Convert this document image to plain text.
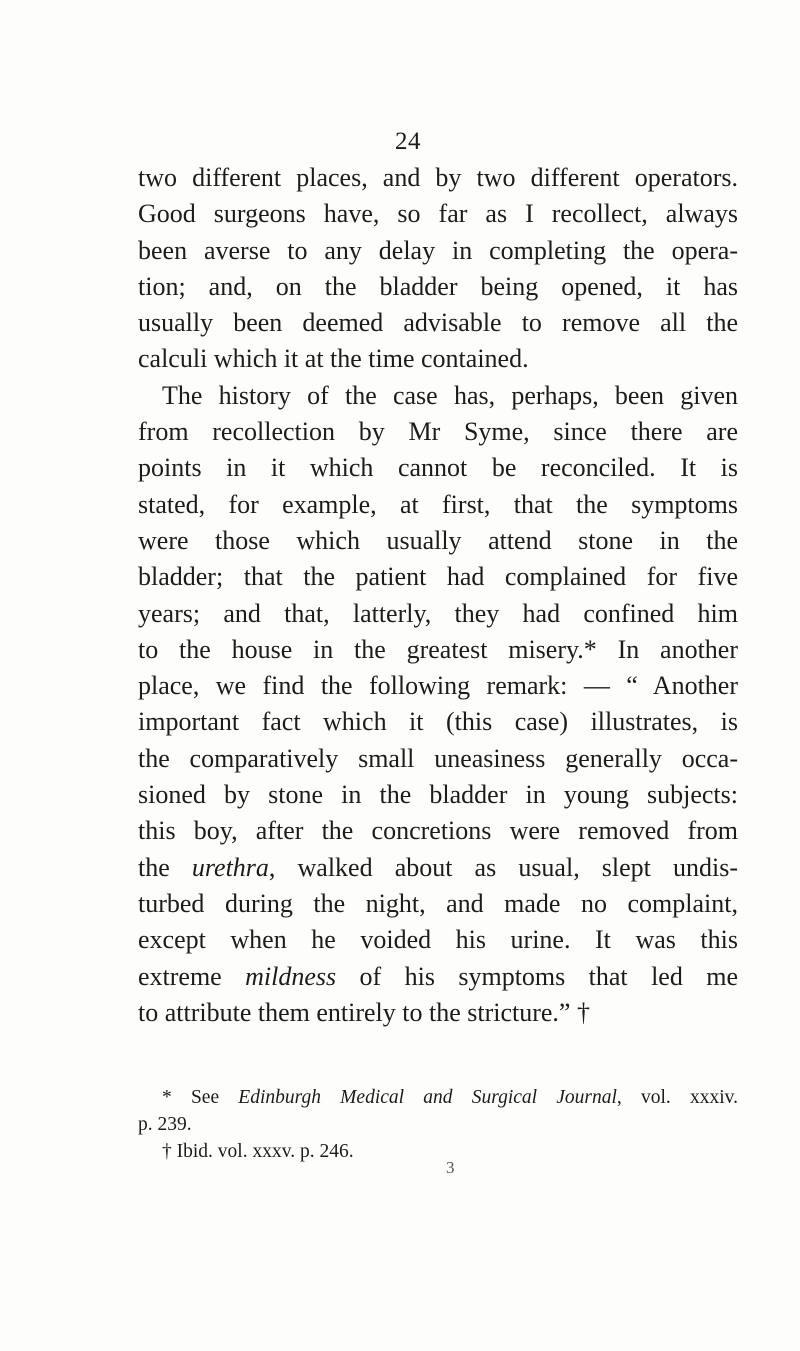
24
two different places, and by two different operators.
Good surgeons have, so far as I recollect, always
been averse to any delay in completing the opera-
tion; and, on the bladder being opened, it has
usually been deemed advisable to remove all the
calculi which it at the time contained.
The history of the case has, perhaps, been given
from recollection by Mr Syme, since there are
points in it which cannot be reconciled. It is
stated, for example, at first, that the symptoms
were those which usually attend stone in the
bladder; that the patient had complained for five
years; and that, latterly, they had confined him
to the house in the greatest misery.* In another
place, we find the following remark: — “ Another
important fact which it (this case) illustrates, is
the comparatively small uneasiness generally occa-
sioned by stone in the bladder in young subjects:
this boy, after the concretions were removed from
the urethra, walked about as usual, slept undis-
turbed during the night, and made no complaint,
except when he voided his urine. It was this
extreme mildness of his symptoms that led me
to attribute them entirely to the stricture.” †
* See Edinburgh Medical and Surgical Journal, vol. xxxiv.
p. 239.
† Ibid. vol. xxxv. p. 246.
3
